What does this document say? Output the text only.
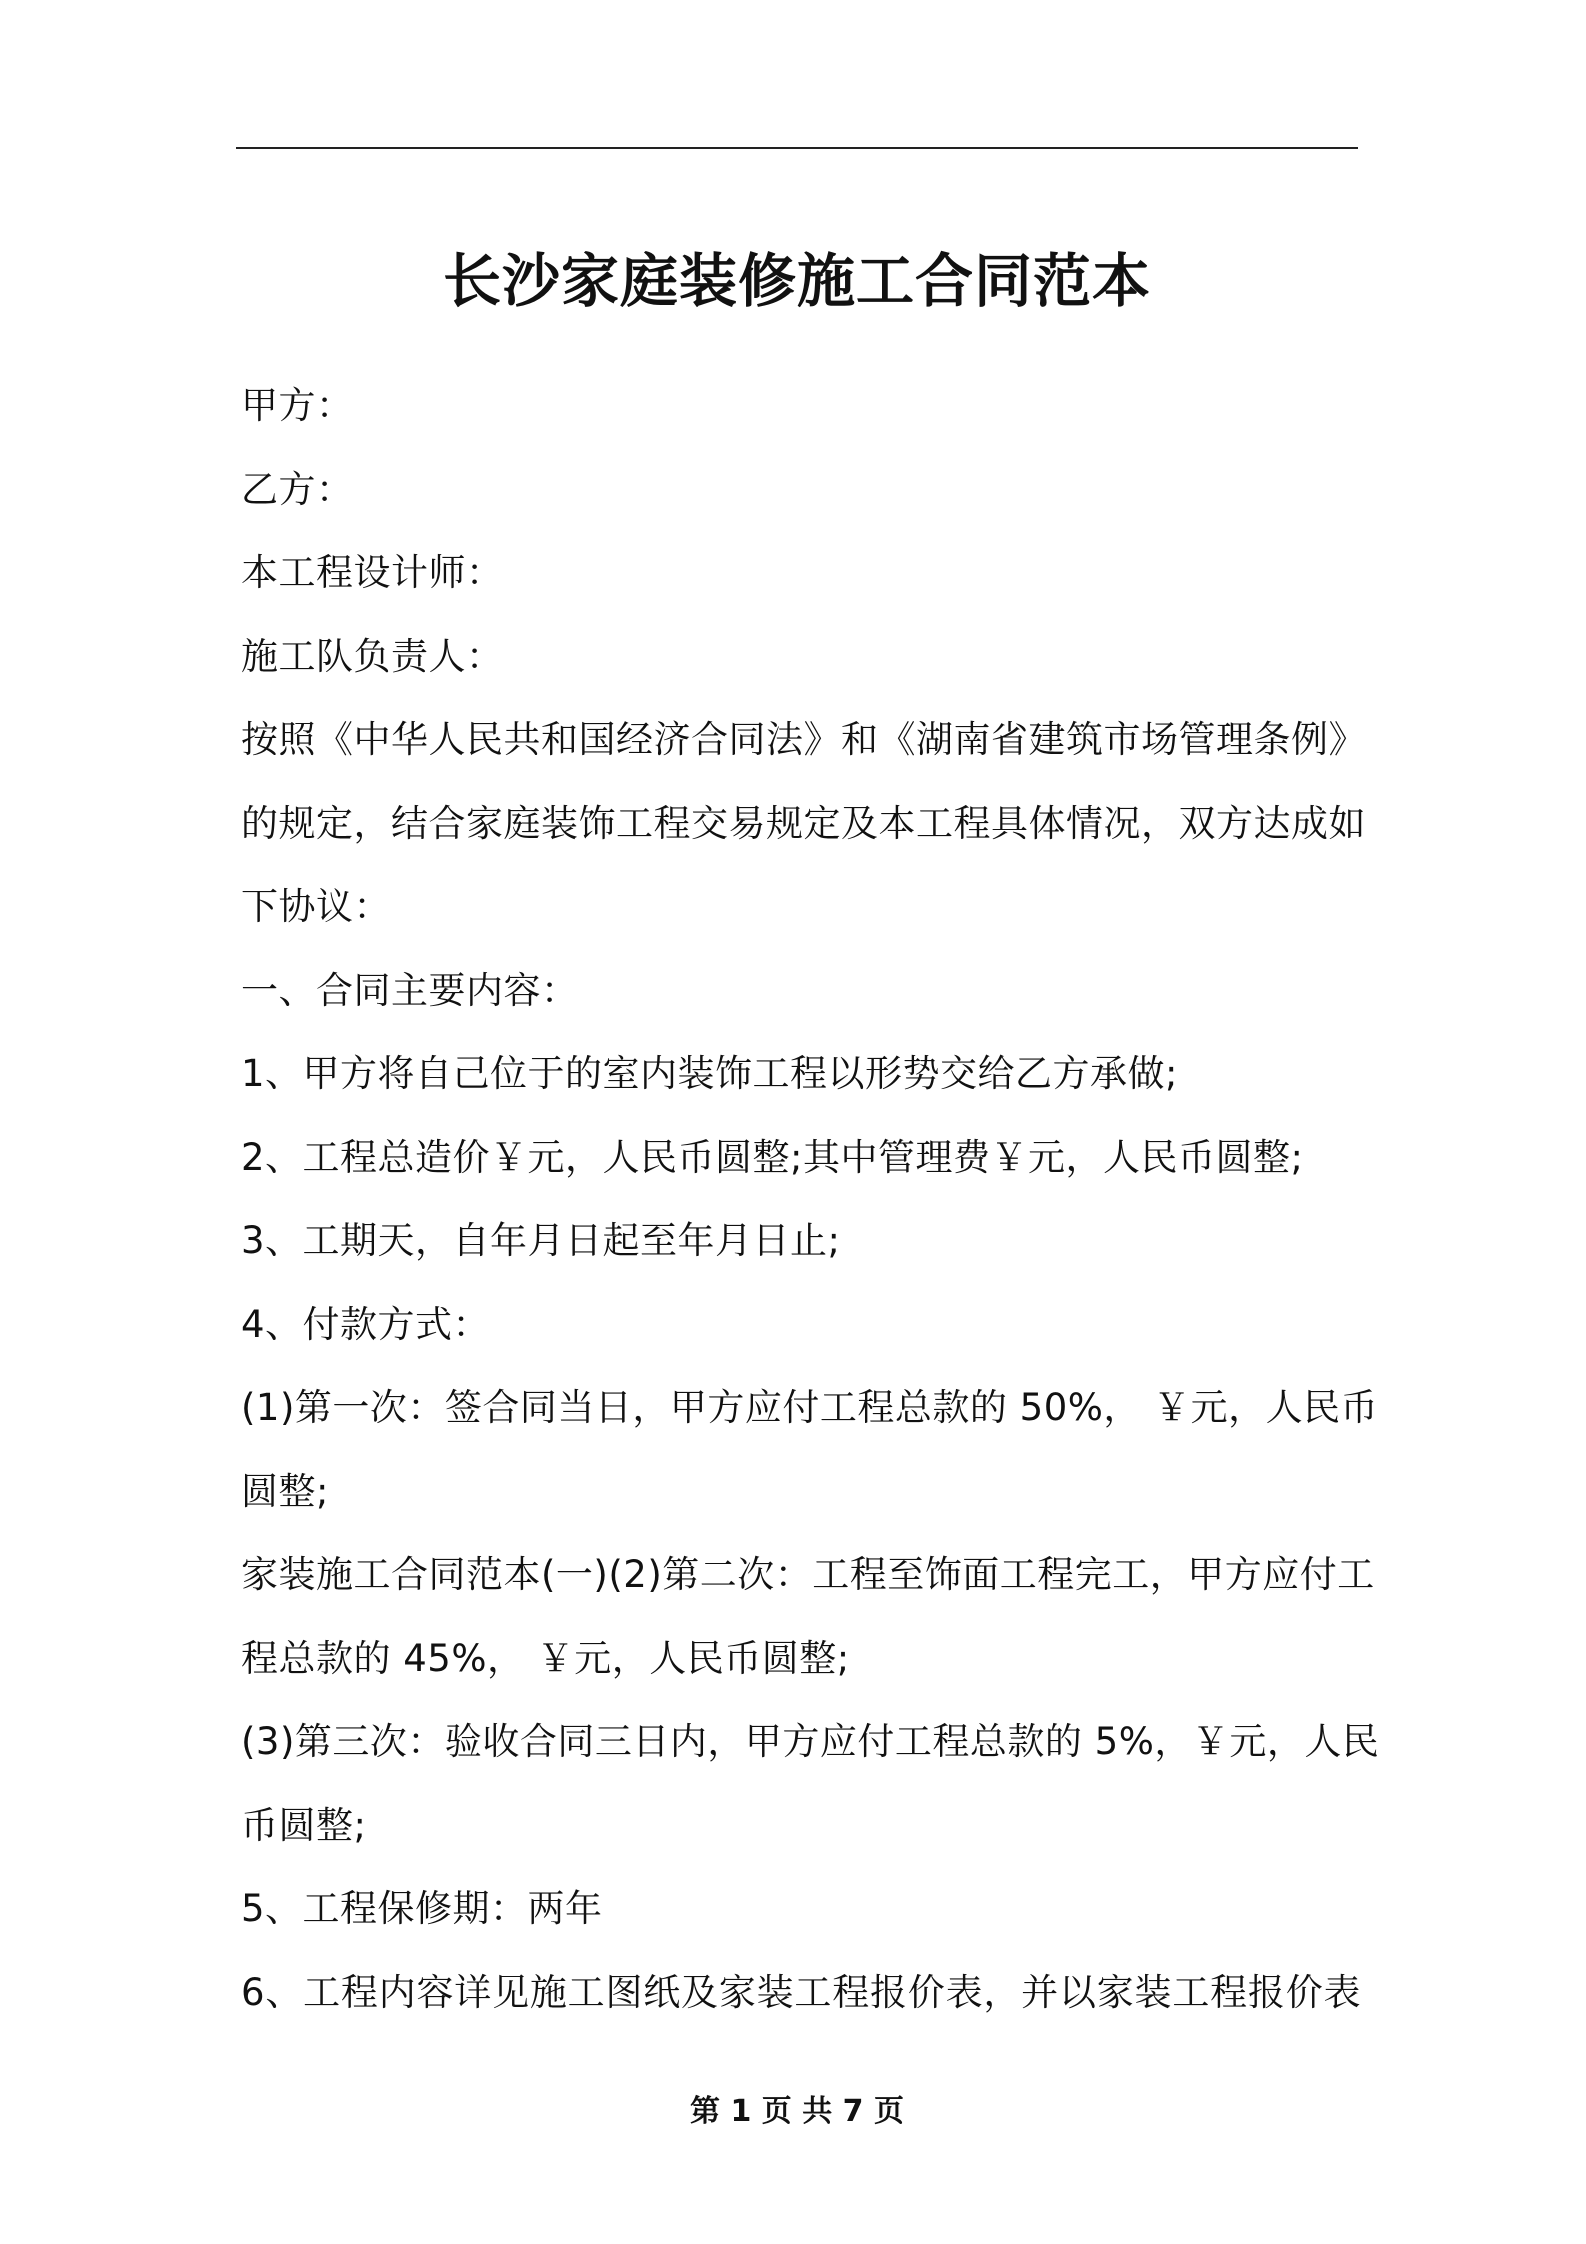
长沙家庭装修施工合同范本
甲方：
乙方：
本工程设计师：
施工队负责人：
按照《中华人民共和国经济合同法》和《湖南省建筑市场管理条例》
的规定，结合家庭装饰工程交易规定及本工程具体情况，双方达成如
下协议：
一、合同主要内容：
1、甲方将自己位于的室内装饰工程以形势交给乙方承做;
2、工程总造价￥元，人民币圆整;其中管理费￥元，人民币圆整;
3、工期天，自年月日起至年月日止;
4、付款方式：
(1)第一次：签合同当日，甲方应付工程总款的 50%， ￥元，人民币
圆整;
家装施工合同范本(一)(2)第二次：工程至饰面工程完工，甲方应付工
程总款的 45%， ￥元，人民币圆整;
(3)第三次：验收合同三日内，甲方应付工程总款的 5%，￥元，人民
币圆整;
5、工程保修期：两年
6、工程内容详见施工图纸及家装工程报价表，并以家装工程报价表
第 1 页 共 7 页
